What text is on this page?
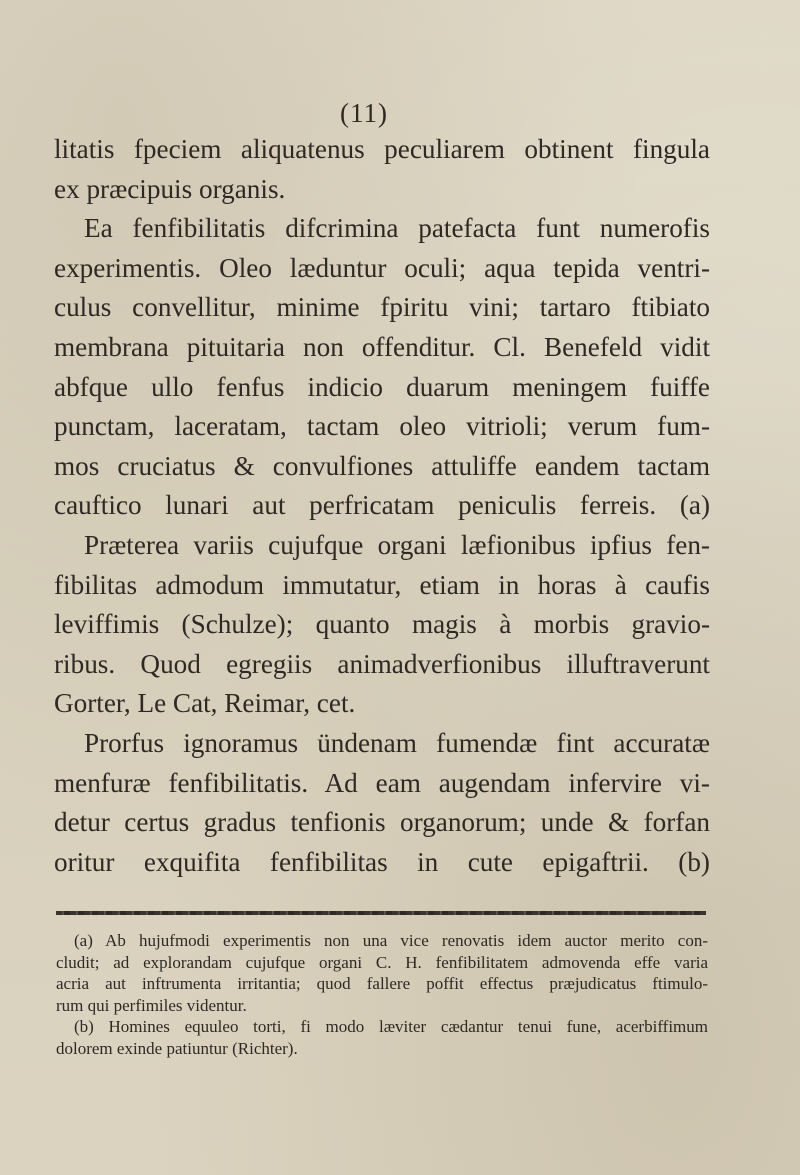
(11)
litatis fpeciem aliquatenus peculiarem obtinent fingula
ex præcipuis organis.
Ea fenfibilitatis difcrimina patefacta funt numerofis
experimentis. Oleo læduntur oculi; aqua tepida ventri-
culus convellitur, minime fpiritu vini; tartaro ftibiato
membrana pituitaria non offenditur. Cl. Benefeld vidit
abfque ullo fenfus indicio duarum meningem fuiffe
punctam, laceratam, tactam oleo vitrioli; verum fum-
mos cruciatus & convulfiones attuliffe eandem tactam
cauftico lunari aut perfricatam peniculis ferreis. (a)
Præterea variis cujufque organi læfionibus ipfius fen-
fibilitas admodum immutatur, etiam in horas à caufis
leviffimis (Schulze); quanto magis à morbis gravio-
ribus. Quod egregiis animadverfionibus illuftraverunt
Gorter, Le Cat, Reimar, cet.
Prorfus ignoramus ündenam fumendæ fint accuratæ
menfuræ fenfibilitatis. Ad eam augendam infervire vi-
detur certus gradus tenfionis organorum; unde & forfan
oritur exquifita fenfibilitas in cute epigaftrii. (b)
(a) Ab hujufmodi experimentis non una vice renovatis idem auctor merito con-
cludit; ad explorandam cujufque organi C. H. fenfibilitatem admovenda effe varia
acria aut inftrumenta irritantia; quod fallere poffit effectus præjudicatus ftimulo-
rum qui perfimiles videntur.
(b) Homines equuleo torti, fi modo læviter cædantur tenui fune, acerbiffimum
dolorem exinde patiuntur (Richter).
